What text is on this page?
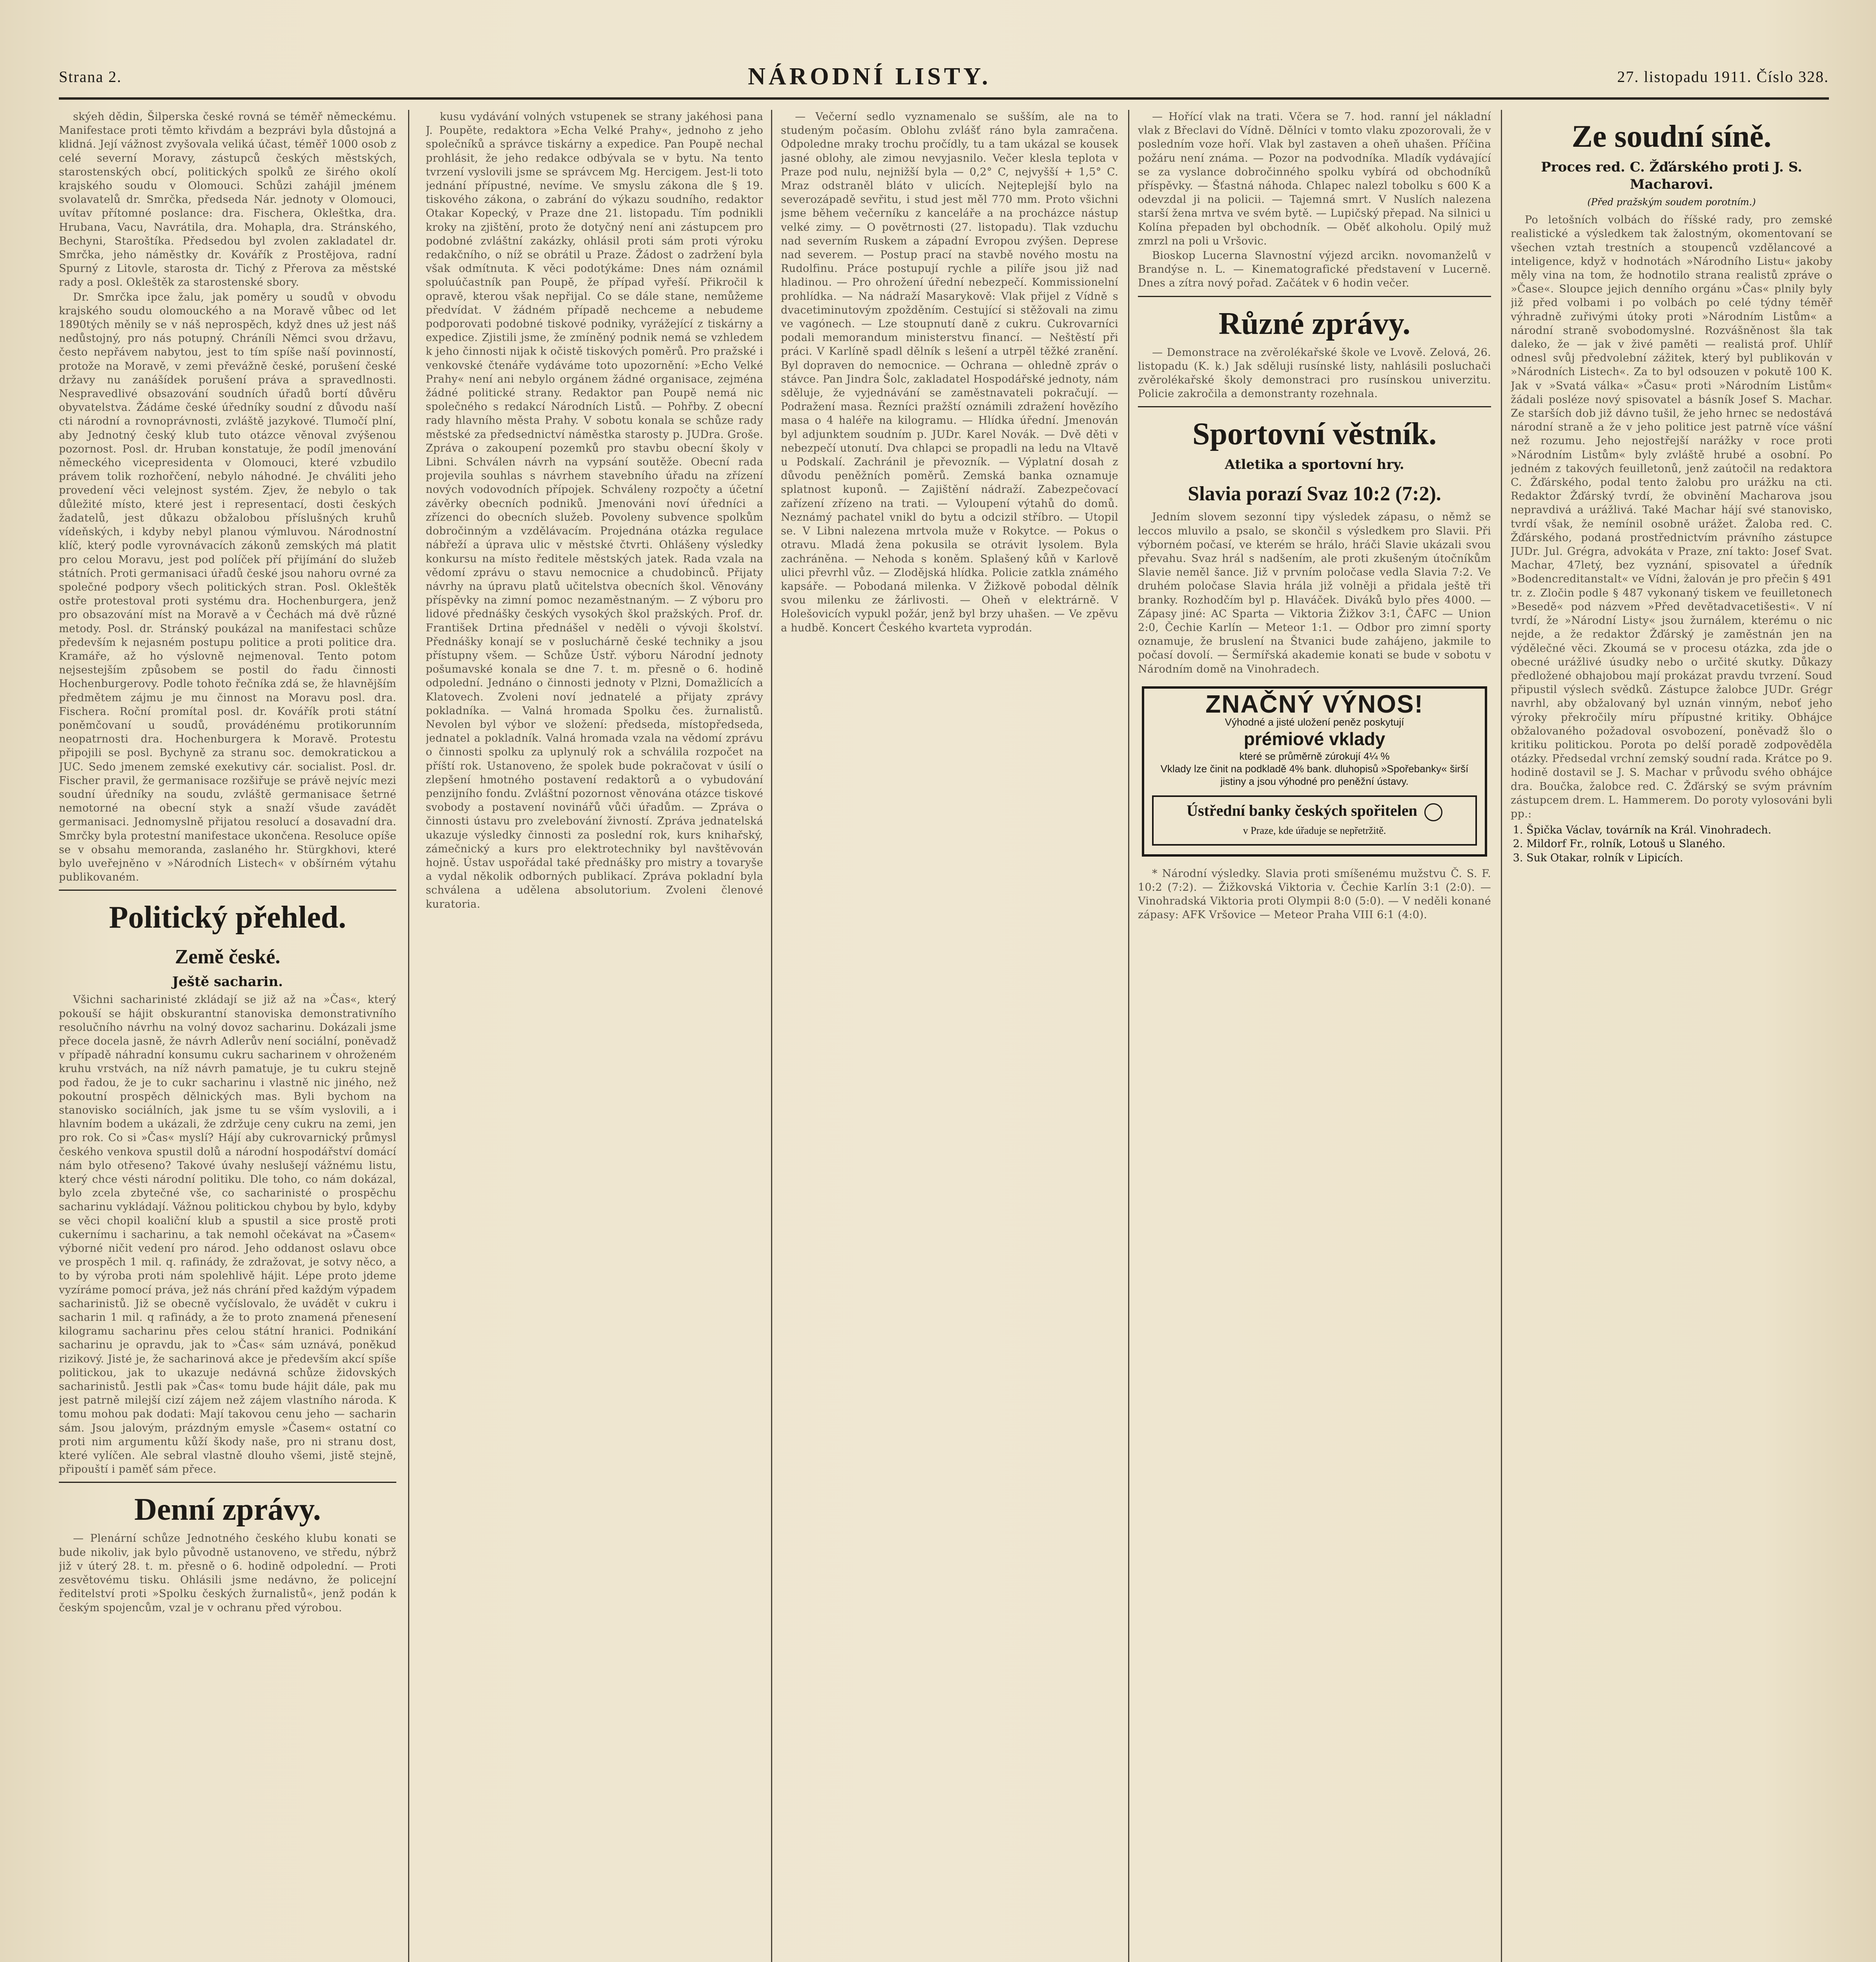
Strana 2.	NÁRODNÍ LISTY.	27. listopadu 1911. Číslo 328.

skýeh dědin, Šilperska české rovná se téměř německému. Manifestace proti těmto křivdám a bezprávi byla důstojná a klidná. Její vážnost zvyšovala veliká účast, téměř 1000 osob z celé severní Moravy, zástupců českých městských, starostenských obcí, politických spolků ze širého okolí krajského soudu v Olomouci. Schůzi zahájil jménem svolavatelů dr. Smrčka, předseda Nár. jednoty v Olomouci, uvítav přítomné poslance: dra. Fischera, Okleštka, dra. Hrubana, Vacu, Navrátila, dra. Mohapla, dra. Stránského, Bechyni, Staroštíka. Předsedou byl zvolen zakladatel dr. Smrčka, jeho náměstky dr. Kovářík z Prostějova, radní Spurný z Litovle, starosta dr. Tichý z Přerova za městské rady a posl. Okleštěk za starostenské sbory.

Dr. Smrčka ipce žalu, jak poměry u soudů v obvodu krajského soudu olomouckého a na Moravě vůbec od let 1890tých měnily se v náš neprospěch, když dnes už jest náš nedůstojný, pro nás potupný. Chráníli Němci svou državu, često nepřávem nabytou, jest to tím spíše naší povinností, protože na Moravě, v zemi převážně české, porušení české državy nu zanášídek porušení práva a spravedlnosti. Nespravedlivé obsazování soudních úřadů bortí důvěru obyvatelstva. Žádáme české úředníky soudní z důvodu naší cti národní a rovnoprávnosti, zvláště jazykové. Tlumočí plní, aby Jednotný český klub tuto otázce věnoval zvýšenou pozornost. Posl. dr. Hruban konstatuje, že podíl jmenování německého vicepresidenta v Olomouci, které vzbudilo právem tolik rozhořčení, nebylo náhodné. Je chváliti jeho provedení věci velejnost systém. Zjev, že nebylo o tak důležité místo, které jest i representací, dosti českých žadatelů, jest důkazu obžalobou příslušných kruhů vídeňských, i kdyby nebyl planou výmluvou. Národnostní klíč, který podle vyrovnávacích zákonů zemských má platit pro celou Moravu, jest pod políček pří přijímání do služeb státních. Proti germanisaci úřadů české jsou nahoru ovrné za společné podpory všech politických stran. Posl. Okleštěk ostře protestoval proti systému dra. Hochenburgera, jenž pro obsazování míst na Moravě a v Čechách má dvě různé metody. Posl. dr. Stránský poukázal na manifestaci schůze především k nejasném postupu politice a proti politice dra. Kramáře, až ho výslovně nejmenoval. Tento potom nejsestejším způsobem se postil do řadu činnosti Hochenburgerovy. Podle tohoto řečníka zdá se, že hlavnějším předmětem zájmu je mu činnost na Moravu posl. dra. Fischera. Roční promítal posl. dr. Kovářík proti státní poněmčovaní u soudů, provádénému protikorunním neopatrnosti dra. Hochenburgera k Moravě. Protestu připojili se posl. Bychyně za stranu soc. demokratickou a JUC. Sedo jmenem zemské exekutivy cár. socialist. Posl. dr. Fischer pravil, že germanisace rozšiřuje se právě nejvíc mezi soudní úředníky na soudu, zvláště germanisace šetrné nemotorné na obecní styk a snaží všude zavádět germanisaci. Jednomyslně přijatou resolucí a dosavadní dra. Smrčky byla protestní manifestace ukončena. Resoluce opíše se v obsahu memoranda, zaslaného hr. Stürgkhovi, které bylo uveřejněno v »Národních Listech« v obšírném výtahu publikovaném.

Politický přehled.
Země české.
Ještě sacharin.

Všichni sacharinisté zkládají se již až na »Čas«, který pokouší se hájit obskurantní stanoviska demonstrativního resolučního návrhu na volný dovoz sacharinu. Dokázali jsme přece docela jasně, že návrh Adlerův není sociální, poněvadž v případě náhradní konsumu cukru sacharinem v ohroženém kruhu vrstvách, na níž návrh pamatuje, je tu cukru stejně pod řadou, že je to cukr sacharinu i vlastně nic jiného, než pokoutní prospěch dělnických mas. Byli bychom na stanovisko sociálních, jak jsme tu se vším vyslovili, a i hlavním bodem a ukázali, že zdržuje ceny cukru na zemi, jen pro rok. Co si »Čas« myslí? Hájí aby cukrovarnický průmysl českého venkova spustil dolů a národní hospodářství domácí nám bylo otřeseno? Takové úvahy neslušejí vážnému listu, který chce vésti národní politiku. Dle toho, co nám dokázal, bylo zcela zbytečné vše, co sacharinisté o prospěchu sacharinu vykládají. Vážnou politickou chybou by bylo, kdyby se věci chopil koaliční klub a spustil a sice prostě proti cukernímu i sacharinu, a tak nemohl očekávat na »Časem« výborné ničit vedení pro národ. Jeho oddanost oslavu obce ve prospěch 1 mil. q. rafinády, že zdražovat, je sotvy něco, a to by výroba proti nám spolehlivě hájit. Lépe proto jdeme vyzíráme pomocí práva, jež nás chrání před každým výpadem sacharinistů. Již se obecně vyčíslovalo, že uvádět v cukru i sacharin 1 mil. q rafinády, a že to proto znamená přenesení kilogramu sacharinu přes celou státní hranici. Podnikání sacharinu je opravdu, jak to »Čas« sám uznává, poněkud rizikový. Jisté je, že sacharinová akce je především akcí spíše politickou, jak to ukazuje nedávná schůze židovských sacharinistů. Jestli pak »Čas« tomu bude hájit dále, pak mu jest patrně milejší cizí zájem než zájem vlastního národa. K tomu mohou pak dodati: Mají takovou cenu jeho — sacharin sám. Jsou jalovým, prázdným emysle »Časem« ostatní co proti nim argumentu kůží škody naše, pro ni stranu dost, které vylíčen. Ale sebral vlastně dlouho všemi, jistě stejně, připouští i paměť sám přece.

Denní zprávy.

— Plenární schůze Jednotného českého klubu konati se bude nikoliv, jak bylo původně ustanoveno, ve středu, nýbrž již v úterý 28. t. m. přesně o 6. hodině odpolední. — Proti zesvětovému tisku. Ohlásili jsme nedávno, že policejní ředitelství proti »Spolku českých žurnalistů«, jenž podán k českým spojencům, vzal je v ochranu před výrobou.

kusu vydávání volných vstupenek se strany jakéhosi pana J. Poupěte, redaktora »Echa Velké Prahy«, jednoho z jeho společníků a správce tiskárny a expedice. Pan Poupě nechal prohlásit, že jeho redakce odbývala se v bytu. Na tento tvrzení vyslovili jsme se správcem Mg. Hercigem. Jest-li toto jednání přípustné, nevíme. Ve smyslu zákona dle § 19. tiskového zákona, o zabrání do výkazu soudního, redaktor Otakar Kopecký, v Praze dne 21. listopadu. Tím podnikli kroky na zjištění, proto že dotyčný není ani zástupcem pro podobné zvláštní zakázky, ohlásil proti sám proti výroku redakčního, o níž se obrátil u Praze. Žádost o zadržení byla však odmítnuta. K věci podotýkáme: Dnes nám oznámil spoluúčastník pan Poupě, že případ vyřeší. Přikročil k opravě, kterou však nepřijal. Co se dále stane, nemůžeme předvídat. V žádném případě nechceme a nebudeme podporovati podobné tiskové podniky, vyrážející z tiskárny a expedice. Zjistili jsme, že zmíněný podnik nemá se vzhledem k jeho činnosti nijak k očistě tiskových poměrů. Pro pražské i venkovské čtenáře vydáváme toto upozornění: »Echo Velké Prahy« není ani nebylo orgánem žádné organisace, zejména žádné politické strany. Redaktor pan Poupě nemá nic společného s redakcí Národních Listů. — Pohřby. Z obecní rady hlavního města Prahy. V sobotu konala se schůze rady městské za předsednictví náměstka starosty p. JUDra. Groše. Zpráva o zakoupení pozemků pro stavbu obecní školy v Libni. Schválen návrh na vypsání soutěže. Obecní rada projevila souhlas s návrhem stavebního úřadu na zřízení nových vodovodních přípojek. Schváleny rozpočty a účetní závěrky obecních podniků. Jmenováni noví úředníci a zřízenci do obecních služeb. Povoleny subvence spolkům dobročinným a vzdělávacím. Projednána otázka regulace nábřeží a úprava ulic v městské čtvrti. Ohlášeny výsledky konkursu na místo ředitele městských jatek. Rada vzala na vědomí zprávu o stavu nemocnice a chudobinců. Přijaty návrhy na úpravu platů učitelstva obecních škol. Věnovány příspěvky na zimní pomoc nezaměstnaným. — Z výboru pro lidové přednášky českých vysokých škol pražských. Prof. dr. František Drtina přednášel v neděli o vývoji školství. Přednášky konají se v posluchárně české techniky a jsou přístupny všem. — Schůze Ústř. výboru Národní jednoty pošumavské konala se dne 7. t. m. přesně o 6. hodině odpolední. Jednáno o činnosti jednoty v Plzni, Domažlicích a Klatovech. Zvoleni noví jednatelé a přijaty zprávy pokladníka. — Valná hromada Spolku čes. žurnalistů. Nevolen byl výbor ve složení: předseda, místopředseda, jednatel a pokladník. Valná hromada vzala na vědomí zprávu o činnosti spolku za uplynulý rok a schválila rozpočet na příští rok. Ustanoveno, že spolek bude pokračovat v úsilí o zlepšení hmotného postavení redaktorů a o vybudování penzijního fondu. Zvláštní pozornost věnována otázce tiskové svobody a postavení novinářů vůči úřadům. — Zpráva o činnosti ústavu pro zvelebování živností. Zpráva jednatelská ukazuje výsledky činnosti za poslední rok, kurs knihařský, zámečnický a kurs pro elektrotechniky byl navštěvován hojně. Ústav uspořádal také přednášky pro mistry a tovaryše a vydal několik odborných publikací. Zpráva pokladní byla schválena a udělena absolutorium. Zvoleni členové kuratoria.

— Večerní sedlo vyznamenalo se sušším, ale na to studeným počasím. Oblohu zvlášť ráno byla zamračena. Odpoledne mraky trochu pročídly, tu a tam ukázal se kousek jasné oblohy, ale zimou nevyjasnilo. Večer klesla teplota v Praze pod nulu, nejnižší byla — 0,2° C, nejvyšší + 1,5° C. Mraz odstraněl bláto v ulicích. Nejteplejší bylo na severozápadě sevřitu, i stud jest měl 770 mm. Proto všichni jsme během večerníku z kanceláře a na procházce nástup velké zimy. — O povětrnosti (27. listopadu). Tlak vzduchu nad severním Ruskem a západní Evropou zvýšen. Deprese nad severem. — Postup prací na stavbě nového mostu na Rudolfinu. Práce postupují rychle a pilíře jsou již nad hladinou. — Pro ohrožení úřední nebezpečí. Kommissionelní prohlídka. — Na nádraží Masarykově: Vlak přijel z Vídně s dvacetiminutovým zpožděním. Cestující si stěžovali na zimu ve vagónech. — Lze stoupnutí daně z cukru. Cukrovarníci podali memorandum ministerstvu financí. — Neštěstí při práci. V Karlíně spadl dělník s lešení a utrpěl těžké zranění. Byl dopraven do nemocnice. — Ochrana — ohledně zpráv o stávce. Pan Jindra Šolc, zakladatel Hospodářské jednoty, nám sděluje, že vyjednávání se zaměstnavateli pokračují. — Podražení masa. Řezníci pražští oznámili zdražení hovězího masa o 4 haléře na kilogramu. — Hlídka úřední. Jmenován byl adjunktem soudním p. JUDr. Karel Novák. — Dvě děti v nebezpečí utonutí. Dva chlapci se propadli na ledu na Vltavě u Podskalí. Zachránil je převozník. — Výplatní dosah z důvodu peněžních poměrů. Zemská banka oznamuje splatnost kuponů. — Zajištění nádraží. Zabezpečovací zařízení zřízeno na trati. — Vyloupení výtahů do domů. Neznámý pachatel vnikl do bytu a odcizil stříbro. — Utopil se. V Libni nalezena mrtvola muže v Rokytce. — Pokus o otravu. Mladá žena pokusila se otrávit lysolem. Byla zachráněna. — Nehoda s koněm. Splašený kůň v Karlově ulici převrhl vůz. — Zlodějská hlídka. Policie zatkla známého kapsáře. — Pobodaná milenka. V Žižkově pobodal dělník svou milenku ze žárlivosti. — Oheň v elektrárně. V Holešovicích vypukl požár, jenž byl brzy uhašen. — Ve zpěvu a hudbě. Koncert Českého kvarteta vyprodán.

— Hořící vlak na trati. Včera se 7. hod. ranní jel nákladní vlak z Břeclavi do Vídně. Dělníci v tomto vlaku zpozorovali, že v posledním voze hoří. Vlak byl zastaven a oheň uhašen. Příčina požáru není známa. — Pozor na podvodníka. Mladík vydávající se za vyslance dobročinného spolku vybírá od obchodníků příspěvky. — Šťastná náhoda. Chlapec nalezl tobolku s 600 K a odevzdal ji na policii. — Tajemná smrt. V Nuslích nalezena starší žena mrtva ve svém bytě. — Lupičský přepad. Na silnici u Kolína přepaden byl obchodník. — Oběť alkoholu. Opilý muž zmrzl na poli u Vršovic.

Bioskop Lucerna Slavnostní výjezd arcikn. novomanželů v Brandýse n. L. — Kinematografické představení v Lucerně. Dnes a zítra nový pořad. Začátek v 6 hodin večer.

Různé zprávy.

— Demonstrace na zvěrolékařské škole ve Lvově. Zelová, 26. listopadu (K. k.) Jak sděluji rusínské listy, nahlásili posluchači zvěrolékařské školy demonstraci pro rusínskou univerzitu. Policie zakročila a demonstranty rozehnala.

Sportovní věstník.
Atletika a sportovní hry.
Slavia porazí Svaz 10:2 (7:2).

Jedním slovem sezonní tipy výsledek zápasu, o němž se leccos mluvilo a psalo, se skončil s výsledkem pro Slavii. Při výborném počasí, ve kterém se hrálo, hráči Slavie ukázali svou převahu. Svaz hrál s nadšením, ale proti zkušeným útočníkům Slavie neměl šance. Již v prvním poločase vedla Slavia 7:2. Ve druhém poločase Slavia hrála již volněji a přidala ještě tři branky. Rozhodčím byl p. Hlaváček. Diváků bylo přes 4000. — Zápasy jiné: AC Sparta — Viktoria Žižkov 3:1, ČAFC — Union 2:0, Čechie Karlín — Meteor 1:1. — Odbor pro zimní sporty oznamuje, že bruslení na Štvanici bude zahájeno, jakmile to počasí dovolí. — Šermířská akademie konati se bude v sobotu v Národním domě na Vinohradech.

ZNAČNÝ VÝNOS!
Výhodné a jisté uložení peněz poskytují
prémiové vklady
které se průměrně zúrokují 4¼ %
Vklady lze činit na podkladě 4% bank. dluhopisů »Spořebanky« širší jistiny a jsou výhodné pro peněžní ústavy.
Ústřední banky českých spořitelen
v Praze, kde úřaduje se nepřetržitě.

* Národní výsledky. Slavia proti smíšenému mužstvu Č. S. F. 10:2 (7:2). — Žižkovská Viktoria v. Čechie Karlín 3:1 (2:0). — Vinohradská Viktoria proti Olympii 8:0 (5:0). — V neděli konané zápasy: AFK Vršovice — Meteor Praha VIII 6:1 (4:0).

Ze soudní síně.
Proces red. C. Žďárského proti J. S. Macharovi.
(Před pražským soudem porotním.)

Po letošních volbách do říšské rady, pro zemské realistické a výsledkem tak žalostným, okomentovaní se všechen vztah trestních a stoupenců vzdělancové a inteligence, když v hodnotách »Národního Listu« jakoby měly vina na tom, že hodnotilo strana realistů zpráve o »Čase«. Sloupce jejich denního orgánu »Čas« plnily byly již před volbami i po volbách po celé týdny téměř výhradně zuřivými útoky proti »Národním Listům« a národní straně svobodomyslné. Rozvášněnost šla tak daleko, že — jak v živé paměti — realistá prof. Uhlíř odnesl svůj předvolební zážitek, který byl publikován v »Národních Listech«. Za to byl odsouzen v pokutě 100 K. Jak v »Svatá válka« »Času« proti »Národním Listům« žádali posléze nový spisovatel a básník Josef S. Machar. Ze starších dob již dávno tušil, že jeho hrnec se nedostává národní straně a že v jeho politice jest patrně více vášní než rozumu. Jeho nejostřejší narážky v roce proti »Národním Listům« byly zvláště hrubé a osobní. Po jedném z takových feuilletonů, jenž zaútočil na redaktora C. Žďárského, podal tento žalobu pro urážku na cti. Redaktor Žďárský tvrdí, že obvinění Macharova jsou nepravdivá a urážlivá. Také Machar hájí své stanovisko, tvrdí však, že nemínil osobně urážet. Žaloba red. C. Žďárského, podaná prostřednictvím právního zástupce JUDr. Jul. Grégra, advokáta v Praze, zní takto: Josef Svat. Machar, 47letý, bez vyznání, spisovatel a úředník »Bodencreditanstalt« ve Vídni, žalován je pro přečin § 491 tr. z. Zločin podle § 487 vykonaný tiskem ve feuilletonech »Besedě« pod názvem »Před devětadvacetišesti«. V ní tvrdí, že »Národní Listy« jsou žurnálem, kterému o nic nejde, a že redaktor Žďárský je zaměstnán jen na výdělečné věci. Zkoumá se v procesu otázka, zda jde o obecné urážlivé úsudky nebo o určité skutky. Důkazy předložené obhajobou mají prokázat pravdu tvrzení. Soud připustil výslech svědků. Zástupce žalobce JUDr. Grégr navrhl, aby obžalovaný byl uznán vinným, neboť jeho výroky překročily míru přípustné kritiky. Obhájce obžalovaného požadoval osvobození, poněvadž šlo o kritiku politickou. Porota po delší poradě zodpověděla otázky. Předsedal vrchní zemský soudní rada. Krátce po 9. hodině dostavil se J. S. Machar v průvodu svého obhájce dra. Boučka, žalobce red. C. Žďárský se svým právním zástupcem drem. L. Hammerem. Do poroty vylosováni byli pp.:

1. Špička Václav, továrník na Král. Vinohradech.
2. Mildorf Fr., rolník, Lotouš u Slaného.
3. Suk Otakar, rolník v Lipicích.
